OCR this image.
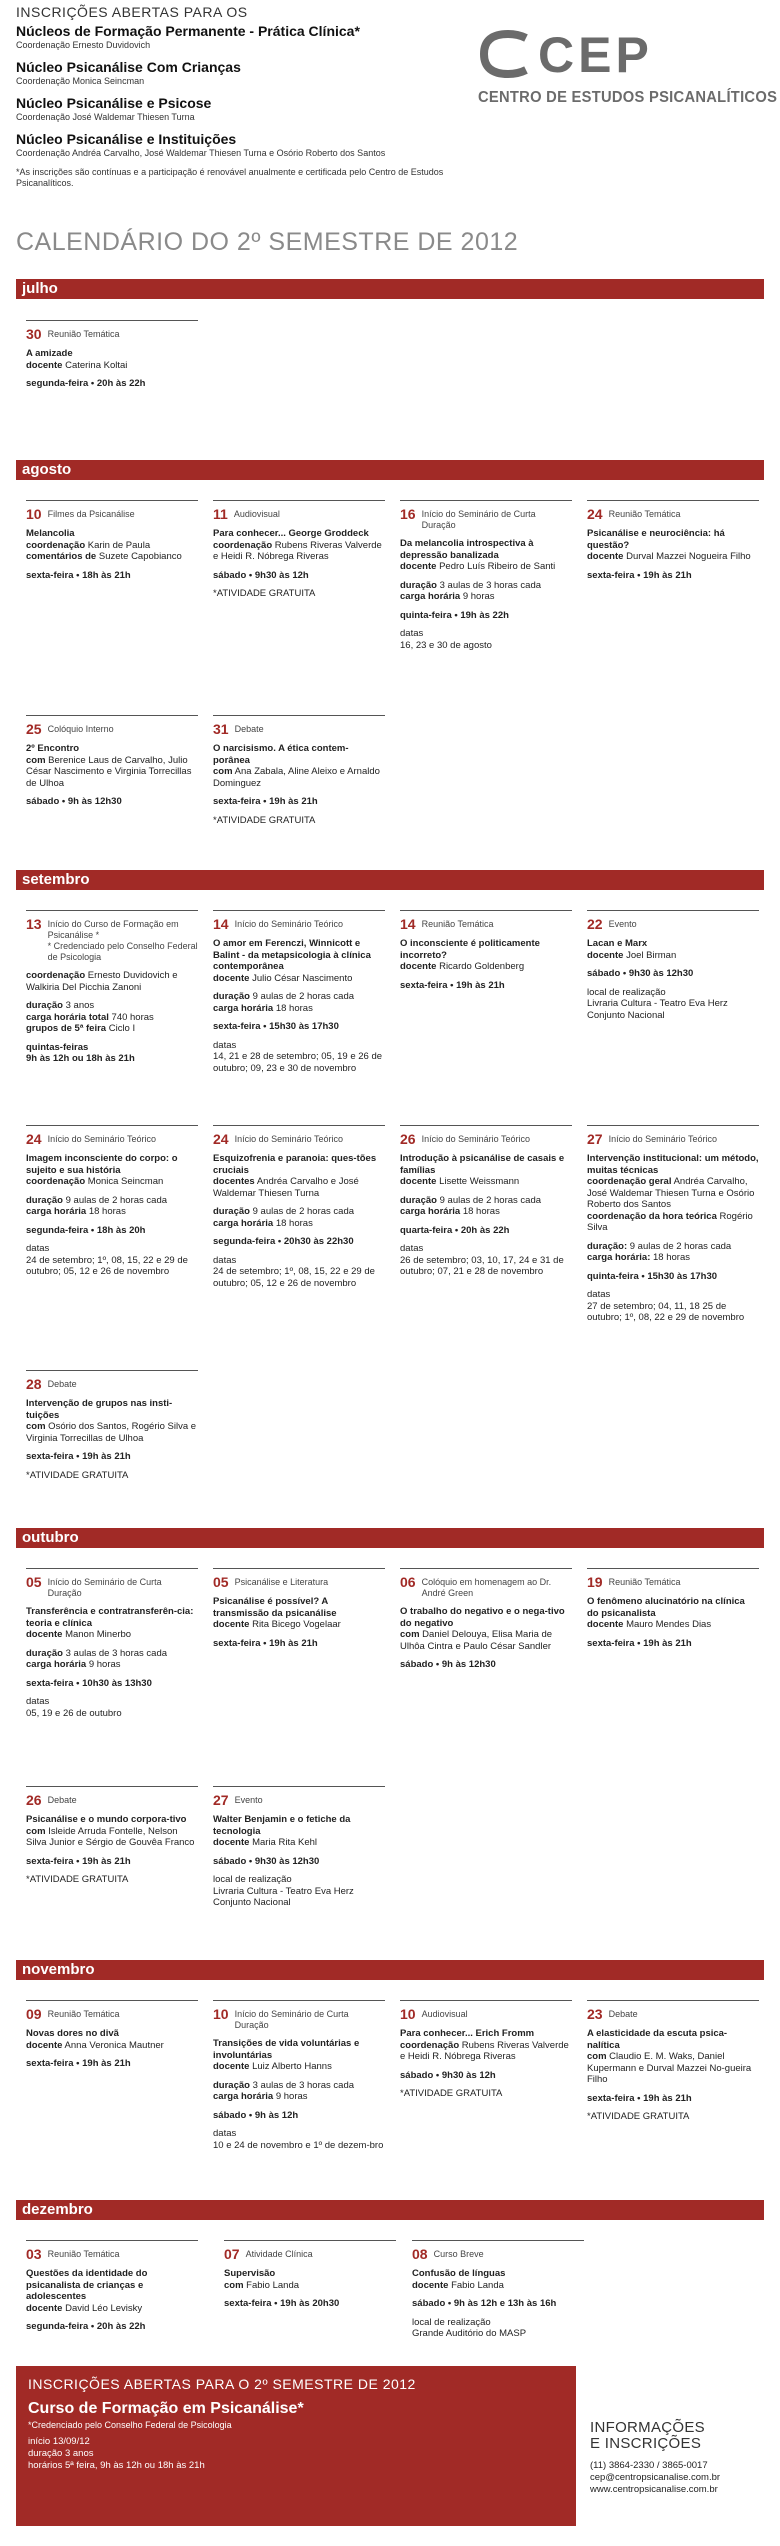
INSCRIÇÕES ABERTAS PARA OS

Núcleos de Formação Permanente - Prática Clínica*

Coordenação Ernesto Duvidovich

Núcleo Psicanálise Com Crianças

Coordenação Monica Seincman

Núcleo Psicanálise e Psicose

Coordenação José Waldemar Thiesen Turna

Núcleo Psicanálise e Instituições

Coordenação Andréa Carvalho, José Waldemar Thiesen Turna e Osório Roberto dos Santos

*As inscrições são contínuas e a participação é renovável anualmente e certificada pelo Centro de Estudos Psicanalíticos.
CEP
CENTRO DE ESTUDOS PSICANALÍTICOS
CALENDÁRIO DO 2º SEMESTRE DE 2012
julho
30 Reunião Temática

A amizade
docente Caterina Koltai

segunda-feira • 20h às 22h

agosto
10 Filmes da Psicanálise

Melancolia
coordenação Karin de Paula
comentários de Suzete Capobianco

sexta-feira • 18h às 21h

11 Audiovisual

Para conhecer... George Groddeck
coordenação Rubens Riveras Valverde e Heidi R. Nóbrega Riveras

sábado • 9h30 às 12h

*ATIVIDADE GRATUITA

16 Início do Seminário de Curta Duração

Da melancolia introspectiva à depressão banalizada
docente Pedro Luís Ribeiro de Santi

duração 3 aulas de 3 horas cada
carga horária 9 horas

quinta-feira • 19h às 22h

datas
16, 23 e 30 de agosto

24 Reunião Temática

Psicanálise e neurociência: há questão?
docente Durval Mazzei Nogueira Filho

sexta-feira • 19h às 21h

25 Colóquio Interno

2º Encontro
com Berenice Laus de Carvalho, Julio César Nascimento e Virginia Torrecillas de Ulhoa

sábado • 9h às 12h30

31 Debate

O narcisismo. A ética contem-porânea
com Ana Zabala, Aline Aleixo e Arnaldo Dominguez

sexta-feira • 19h às 21h

*ATIVIDADE GRATUITA

setembro
13 Início do Curso de Formação em Psicanálise *
* Credenciado pelo Conselho Federal de Psicologia

coordenação Ernesto Duvidovich e Walkiria Del Picchia Zanoni

duração 3 anos
carga horária total 740 horas
grupos de 5ª feira Ciclo I

quintas-feiras
9h às 12h ou 18h às 21h

14 Início do Seminário Teórico

O amor em Ferenczi, Winnicott e Balint - da metapsicologia à clínica contemporânea
docente Julio César Nascimento

duração 9 aulas de 2 horas cada
carga horária 18 horas

sexta-feira • 15h30 às 17h30

datas
14, 21 e 28 de setembro; 05, 19 e 26 de outubro; 09, 23 e 30 de novembro

14 Reunião Temática

O inconsciente é politicamente incorreto?
docente Ricardo Goldenberg

sexta-feira • 19h às 21h

22 Evento

Lacan e Marx
docente Joel Birman

sábado • 9h30 às 12h30

local de realização
Livraria Cultura - Teatro Eva Herz Conjunto Nacional

24 Início do Seminário Teórico

Imagem inconsciente do corpo: o sujeito e sua história
coordenação Monica Seincman

duração 9 aulas de 2 horas cada
carga horária 18 horas

segunda-feira • 18h às 20h

datas
24 de setembro; 1º, 08, 15, 22 e 29 de outubro; 05, 12 e 26 de novembro

24 Início do Seminário Teórico

Esquizofrenia e paranoia: ques-tões cruciais
docentes Andréa Carvalho e José Waldemar Thiesen Turna

duração 9 aulas de 2 horas cada
carga horária 18 horas

segunda-feira • 20h30 às 22h30

datas
24 de setembro; 1º, 08, 15, 22 e 29 de outubro; 05, 12 e 26 de novembro

26 Início do Seminário Teórico

Introdução à psicanálise de casais e famílias
docente Lisette Weissmann

duração 9 aulas de 2 horas cada
carga horária 18 horas

quarta-feira • 20h às 22h

datas
26 de setembro; 03, 10, 17, 24 e 31 de outubro; 07, 21 e 28 de novembro

27 Início do Seminário Teórico

Intervenção institucional: um método, muitas técnicas
coordenação geral Andréa Carvalho, José Waldemar Thiesen Turna e Osório Roberto dos Santos
coordenação da hora teórica Rogério Silva

duração: 9 aulas de 2 horas cada
carga horária: 18 horas

quinta-feira • 15h30 às 17h30

datas
27 de setembro; 04, 11, 18 25 de outubro; 1º, 08, 22 e 29 de novembro

28 Debate

Intervenção de grupos nas insti-tuições
com Osório dos Santos, Rogério Silva e Virginia Torrecillas de Ulhoa

sexta-feira • 19h às 21h

*ATIVIDADE GRATUITA

outubro
05 Início do Seminário de Curta Duração

Transferência e contratransferên-cia: teoria e clínica
docente Manon Minerbo

duração 3 aulas de 3 horas cada
carga horária 9 horas

sexta-feira • 10h30 às 13h30

datas
05, 19 e 26 de outubro

05 Psicanálise e Literatura

Psicanálise é possível? A transmissão da psicanálise
docente Rita Bicego Vogelaar

sexta-feira • 19h às 21h

06 Colóquio em homenagem ao Dr. André Green

O trabalho do negativo e o nega-tivo do negativo
com Daniel Delouya, Elisa Maria de Ulhôa Cintra e Paulo César Sandler

sábado • 9h às 12h30

19 Reunião Temática

O fenômeno alucinatório na clínica do psicanalista
docente Mauro Mendes Dias

sexta-feira • 19h às 21h

26 Debate

Psicanálise e o mundo corpora-tivo
com Isleide Arruda Fontelle, Nelson Silva Junior e Sérgio de Gouvêa Franco

sexta-feira • 19h às 21h

*ATIVIDADE GRATUITA

27 Evento

Walter Benjamin e o fetiche da tecnologia
docente Maria Rita Kehl

sábado • 9h30 às 12h30

local de realização
Livraria Cultura - Teatro Eva Herz Conjunto Nacional

novembro
09 Reunião Temática

Novas dores no divã
docente Anna Veronica Mautner

sexta-feira • 19h às 21h

10 Início do Seminário de Curta Duração

Transições de vida voluntárias e involuntárias
docente Luiz Alberto Hanns

duração 3 aulas de 3 horas cada
carga horária 9 horas

sábado • 9h às 12h

datas
10 e 24 de novembro e 1º de dezem-bro

10 Audiovisual

Para conhecer... Erich Fromm
coordenação Rubens Riveras Valverde e Heidi R. Nóbrega Riveras

sábado • 9h30 às 12h

*ATIVIDADE GRATUITA

23 Debate

A elasticidade da escuta psica-nalítica
com Claudio E. M. Waks, Daniel Kupermann e Durval Mazzei No-gueira Filho

sexta-feira • 19h às 21h

*ATIVIDADE GRATUITA

dezembro
03 Reunião Temática

Questões da identidade do psicanalista de crianças e adolescentes
docente David Léo Levisky

segunda-feira • 20h às 22h

07 Atividade Clínica

Supervisão
com Fabio Landa

sexta-feira • 19h às 20h30

08 Curso Breve

Confusão de línguas
docente Fabio Landa

sábado • 9h às 12h e 13h às 16h

local de realização
Grande Auditório do MASP

INSCRIÇÕES ABERTAS PARA O 2º SEMESTRE DE 2012
Curso de Formação em Psicanálise*
*Credenciado pelo Conselho Federal de Psicologia
início 13/09/12
duração 3 anos
horários 5ª feira, 9h às 12h ou 18h às 21h
INFORMAÇÕES
E INSCRIÇÕES
(11) 3864-2330 / 3865-0017
cep@centropsicanalise.com.br
www.centropsicanalise.com.br
